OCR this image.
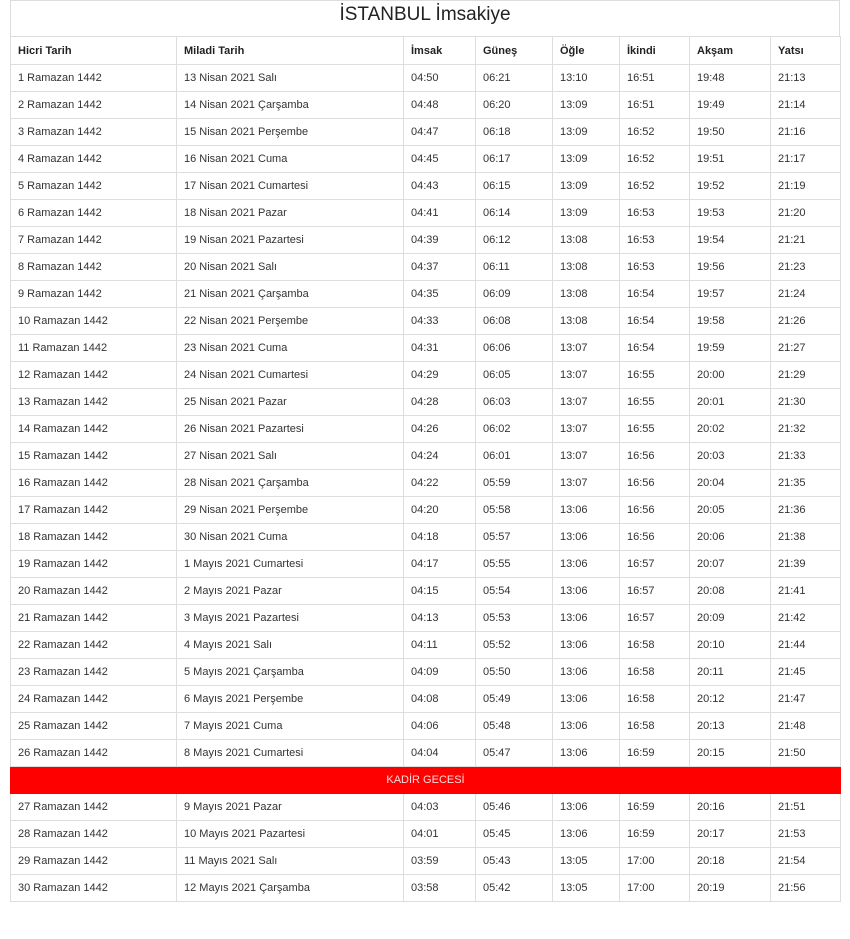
İSTANBUL İmsakiye
Hicri Tarih	Miladi Tarih	İmsak	Güneş	Öğle	İkindi	Akşam	Yatsı
1 Ramazan 1442	13 Nisan 2021 Salı	04:50	06:21	13:10	16:51	19:48	21:13
2 Ramazan 1442	14 Nisan 2021 Çarşamba	04:48	06:20	13:09	16:51	19:49	21:14
3 Ramazan 1442	15 Nisan 2021 Perşembe	04:47	06:18	13:09	16:52	19:50	21:16
4 Ramazan 1442	16 Nisan 2021 Cuma	04:45	06:17	13:09	16:52	19:51	21:17
5 Ramazan 1442	17 Nisan 2021 Cumartesi	04:43	06:15	13:09	16:52	19:52	21:19
6 Ramazan 1442	18 Nisan 2021 Pazar	04:41	06:14	13:09	16:53	19:53	21:20
7 Ramazan 1442	19 Nisan 2021 Pazartesi	04:39	06:12	13:08	16:53	19:54	21:21
8 Ramazan 1442	20 Nisan 2021 Salı	04:37	06:11	13:08	16:53	19:56	21:23
9 Ramazan 1442	21 Nisan 2021 Çarşamba	04:35	06:09	13:08	16:54	19:57	21:24
10 Ramazan 1442	22 Nisan 2021 Perşembe	04:33	06:08	13:08	16:54	19:58	21:26
11 Ramazan 1442	23 Nisan 2021 Cuma	04:31	06:06	13:07	16:54	19:59	21:27
12 Ramazan 1442	24 Nisan 2021 Cumartesi	04:29	06:05	13:07	16:55	20:00	21:29
13 Ramazan 1442	25 Nisan 2021 Pazar	04:28	06:03	13:07	16:55	20:01	21:30
14 Ramazan 1442	26 Nisan 2021 Pazartesi	04:26	06:02	13:07	16:55	20:02	21:32
15 Ramazan 1442	27 Nisan 2021 Salı	04:24	06:01	13:07	16:56	20:03	21:33
16 Ramazan 1442	28 Nisan 2021 Çarşamba	04:22	05:59	13:07	16:56	20:04	21:35
17 Ramazan 1442	29 Nisan 2021 Perşembe	04:20	05:58	13:06	16:56	20:05	21:36
18 Ramazan 1442	30 Nisan 2021 Cuma	04:18	05:57	13:06	16:56	20:06	21:38
19 Ramazan 1442	1 Mayıs 2021 Cumartesi	04:17	05:55	13:06	16:57	20:07	21:39
20 Ramazan 1442	2 Mayıs 2021 Pazar	04:15	05:54	13:06	16:57	20:08	21:41
21 Ramazan 1442	3 Mayıs 2021 Pazartesi	04:13	05:53	13:06	16:57	20:09	21:42
22 Ramazan 1442	4 Mayıs 2021 Salı	04:11	05:52	13:06	16:58	20:10	21:44
23 Ramazan 1442	5 Mayıs 2021 Çarşamba	04:09	05:50	13:06	16:58	20:11	21:45
24 Ramazan 1442	6 Mayıs 2021 Perşembe	04:08	05:49	13:06	16:58	20:12	21:47
25 Ramazan 1442	7 Mayıs 2021 Cuma	04:06	05:48	13:06	16:58	20:13	21:48
26 Ramazan 1442	8 Mayıs 2021 Cumartesi	04:04	05:47	13:06	16:59	20:15	21:50
KADİR GECESİ							
27 Ramazan 1442	9 Mayıs 2021 Pazar	04:03	05:46	13:06	16:59	20:16	21:51
28 Ramazan 1442	10 Mayıs 2021 Pazartesi	04:01	05:45	13:06	16:59	20:17	21:53
29 Ramazan 1442	11 Mayıs 2021 Salı	03:59	05:43	13:05	17:00	20:18	21:54
30 Ramazan 1442	12 Mayıs 2021 Çarşamba	03:58	05:42	13:05	17:00	20:19	21:56
